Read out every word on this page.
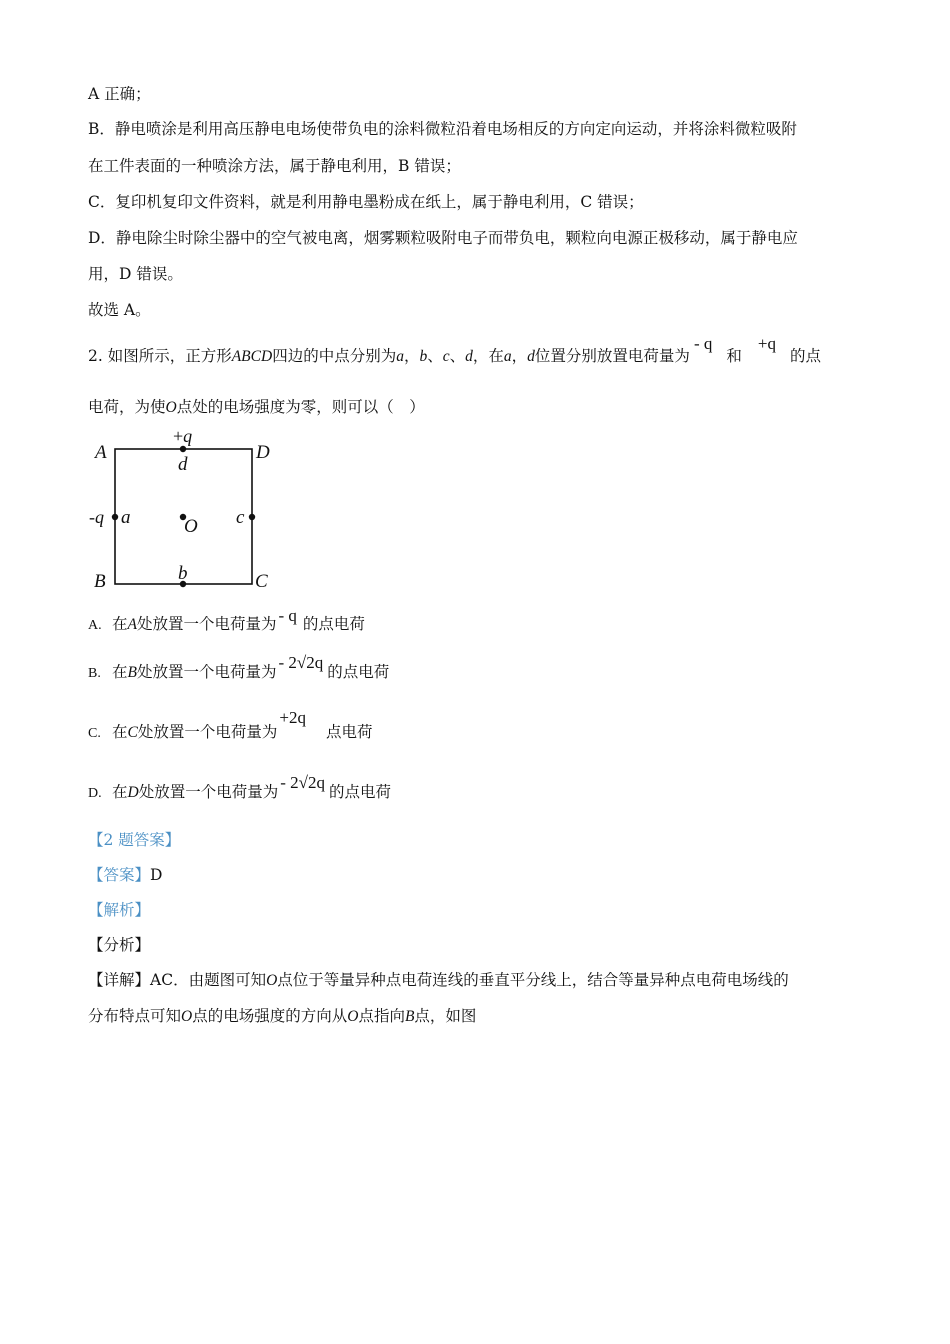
A 正确；
B．静电喷涂是利用高压静电电场使带负电的涂料微粒沿着电场相反的方向定向运动，并将涂料微粒吸附
在工件表面的一种喷涂方法，属于静电利用，B 错误；
C．复印机复印文件资料，就是利用静电墨粉成在纸上，属于静电利用，C 错误；
D．静电除尘时除尘器中的空气被电离，烟雾颗粒吸附电子而带负电，颗粒向电源正极移动，属于静电应
用，D 错误。
故选 A。
2. 如图所示，正方形ABCD四边的中点分别为a，b、c、d，在a，d位置分别放置电荷量为- q和+q的点
电荷，为使O点处的电场强度为零，则可以（　）
A	D
B	C
+q
d
-q a	O c
b
A. 在A处放置一个电荷量为 - q 的点电荷
B. 在B处放置一个电荷量为 - 2√2q 的点电荷
C. 在C处放置一个电荷量为+2q点电荷
D. 在D处放置一个电荷量为 - 2√2q 的点电荷
【2 题答案】
【答案】D
【解析】
【分析】
【详解】AC．由题图可知O点位于等量异种点电荷连线的垂直平分线上，结合等量异种点电荷电场线的
分布特点可知O点的电场强度的方向从O点指向B点，如图
